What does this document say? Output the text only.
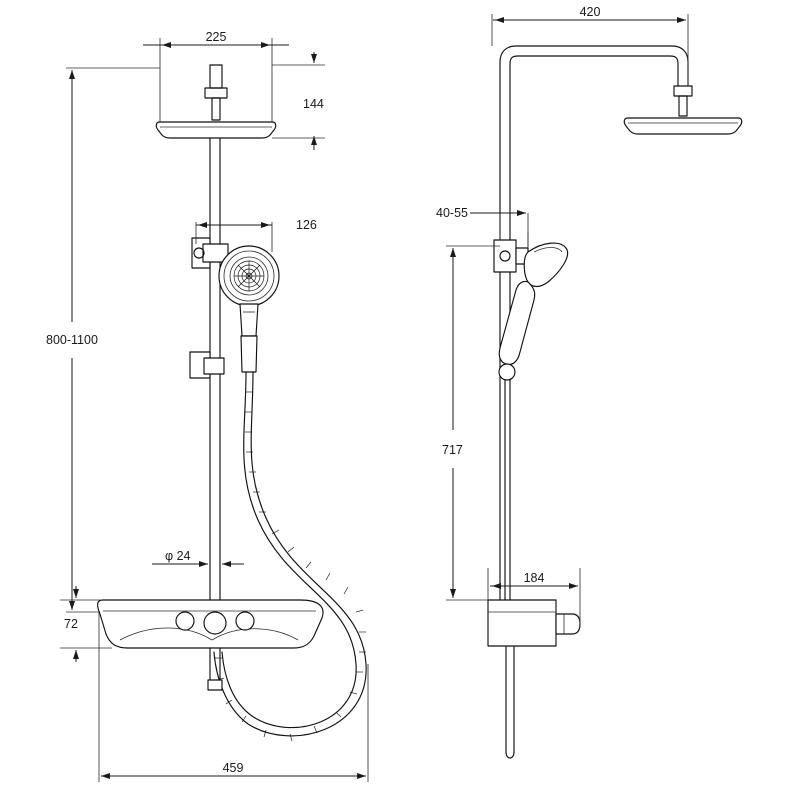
225
144
126
800-1100
φ 24
72
459
420
40-55
717
184
